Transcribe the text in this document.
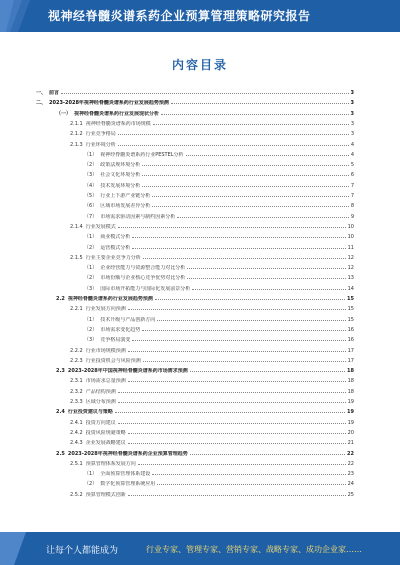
视神经脊髓炎谱系药企业预算管理策略研究报告
内容目录
一、 前言	3
二、 2023-2028年视神经脊髓炎谱系药行业发展趋势预测	3
（一） 视神经脊髓炎谱系药行业发展现状分析	3
2.1.1 视神经脊髓炎谱系药市场规模	3
2.1.2 行业竞争格局	3
2.1.3 行业环境分析	4
（1） 视神经脊髓炎谱系药行业PESTEL分析	4
（2） 政策法规环境分析	5
（3） 社会文化环境分析	6
（4） 技术发展环境分析	7
（5） 行业上下游产业链分析	7
（6） 区域市场发展差异分析	8
（7） 市场需求驱动因素与制约因素分析	9
2.1.4 行业发展模式	10
（1） 商业模式分析	10
（2） 运营模式分析	11
2.1.5 行业主要企业竞争力分析	12
（1） 企业经营能力与资源整合能力对比分析	12
（2） 市场份额与企业核心竞争优势对比分析	13
（3） 国际市场开拓能力与国际化发展前景分析	14
2.2 视神经脊髓炎谱系药行业发展趋势预测	15
2.2.1 行业发展方向预测	15
（1） 技术升级与产品创新方向	15
（2） 市场需求变化趋势	16
（3） 竞争格局演变	16
2.2.2 行业市场规模预测	17
2.2.3 行业投资机会与风险预测	17
2.3 2023-2028年中国视神经脊髓炎谱系药市场需求预测	18
2.3.1 市场需求总量预测	18
2.3.2 产品结构预测	18
2.3.3 区域分布预测	19
2.4 行业投资建议与策略	19
2.4.1 投资方向建议	19
2.4.2 投资风险规避策略	20
2.4.3 企业发展战略建议	21
2.5 2023-2028年视神经脊髓炎谱系药企业预算管理趋势	22
2.5.1 预算管理体系发展方向	22
（1） 全面预算管理体系建设	23
（2） 数字化预算管理系统应用	24
2.5.2 预算管理模式创新	25
让每个人都能成为	行业专家、管理专家、营销专家、战略专家、成功企业家……
